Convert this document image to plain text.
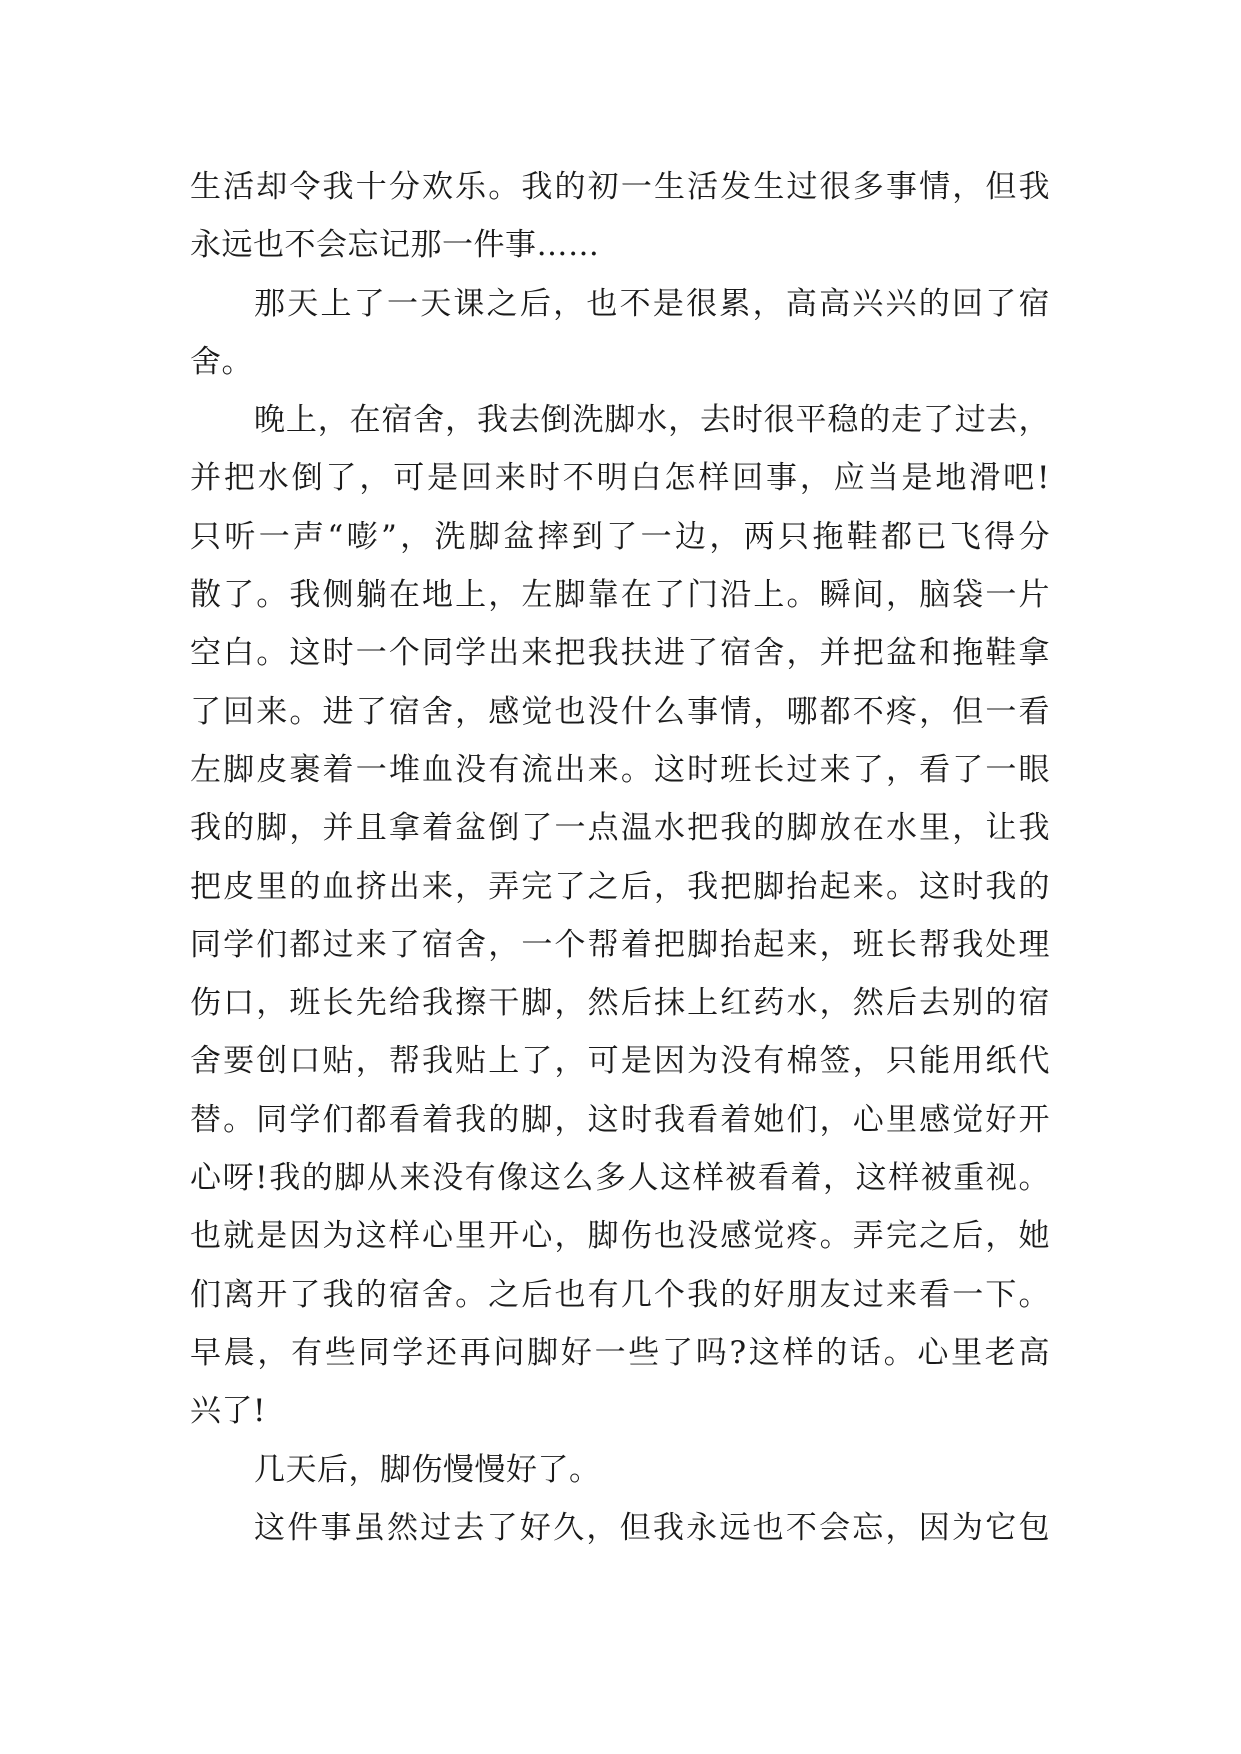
生活却令我十分欢乐。我的初一生活发生过很多事情，但我
永远也不会忘记那一件事……
那天上了一天课之后，也不是很累，高高兴兴的回了宿
舍。
晚上，在宿舍，我去倒洗脚水，去时很平稳的走了过去，
并把水倒了，可是回来时不明白怎样回事，应当是地滑吧!
只听一声“嘭”，洗脚盆摔到了一边，两只拖鞋都已飞得分
散了。我侧躺在地上，左脚靠在了门沿上。瞬间，脑袋一片
空白。这时一个同学出来把我扶进了宿舍，并把盆和拖鞋拿
了回来。进了宿舍，感觉也没什么事情，哪都不疼，但一看
左脚皮裹着一堆血没有流出来。这时班长过来了，看了一眼
我的脚，并且拿着盆倒了一点温水把我的脚放在水里，让我
把皮里的血挤出来，弄完了之后，我把脚抬起来。这时我的
同学们都过来了宿舍，一个帮着把脚抬起来，班长帮我处理
伤口，班长先给我擦干脚，然后抹上红药水，然后去别的宿
舍要创口贴，帮我贴上了，可是因为没有棉签，只能用纸代
替。同学们都看着我的脚，这时我看着她们，心里感觉好开
心呀!我的脚从来没有像这么多人这样被看着，这样被重视。
也就是因为这样心里开心，脚伤也没感觉疼。弄完之后，她
们离开了我的宿舍。之后也有几个我的好朋友过来看一下。
早晨，有些同学还再问脚好一些了吗?这样的话。心里老高
兴了!
几天后，脚伤慢慢好了。
这件事虽然过去了好久，但我永远也不会忘，因为它包
